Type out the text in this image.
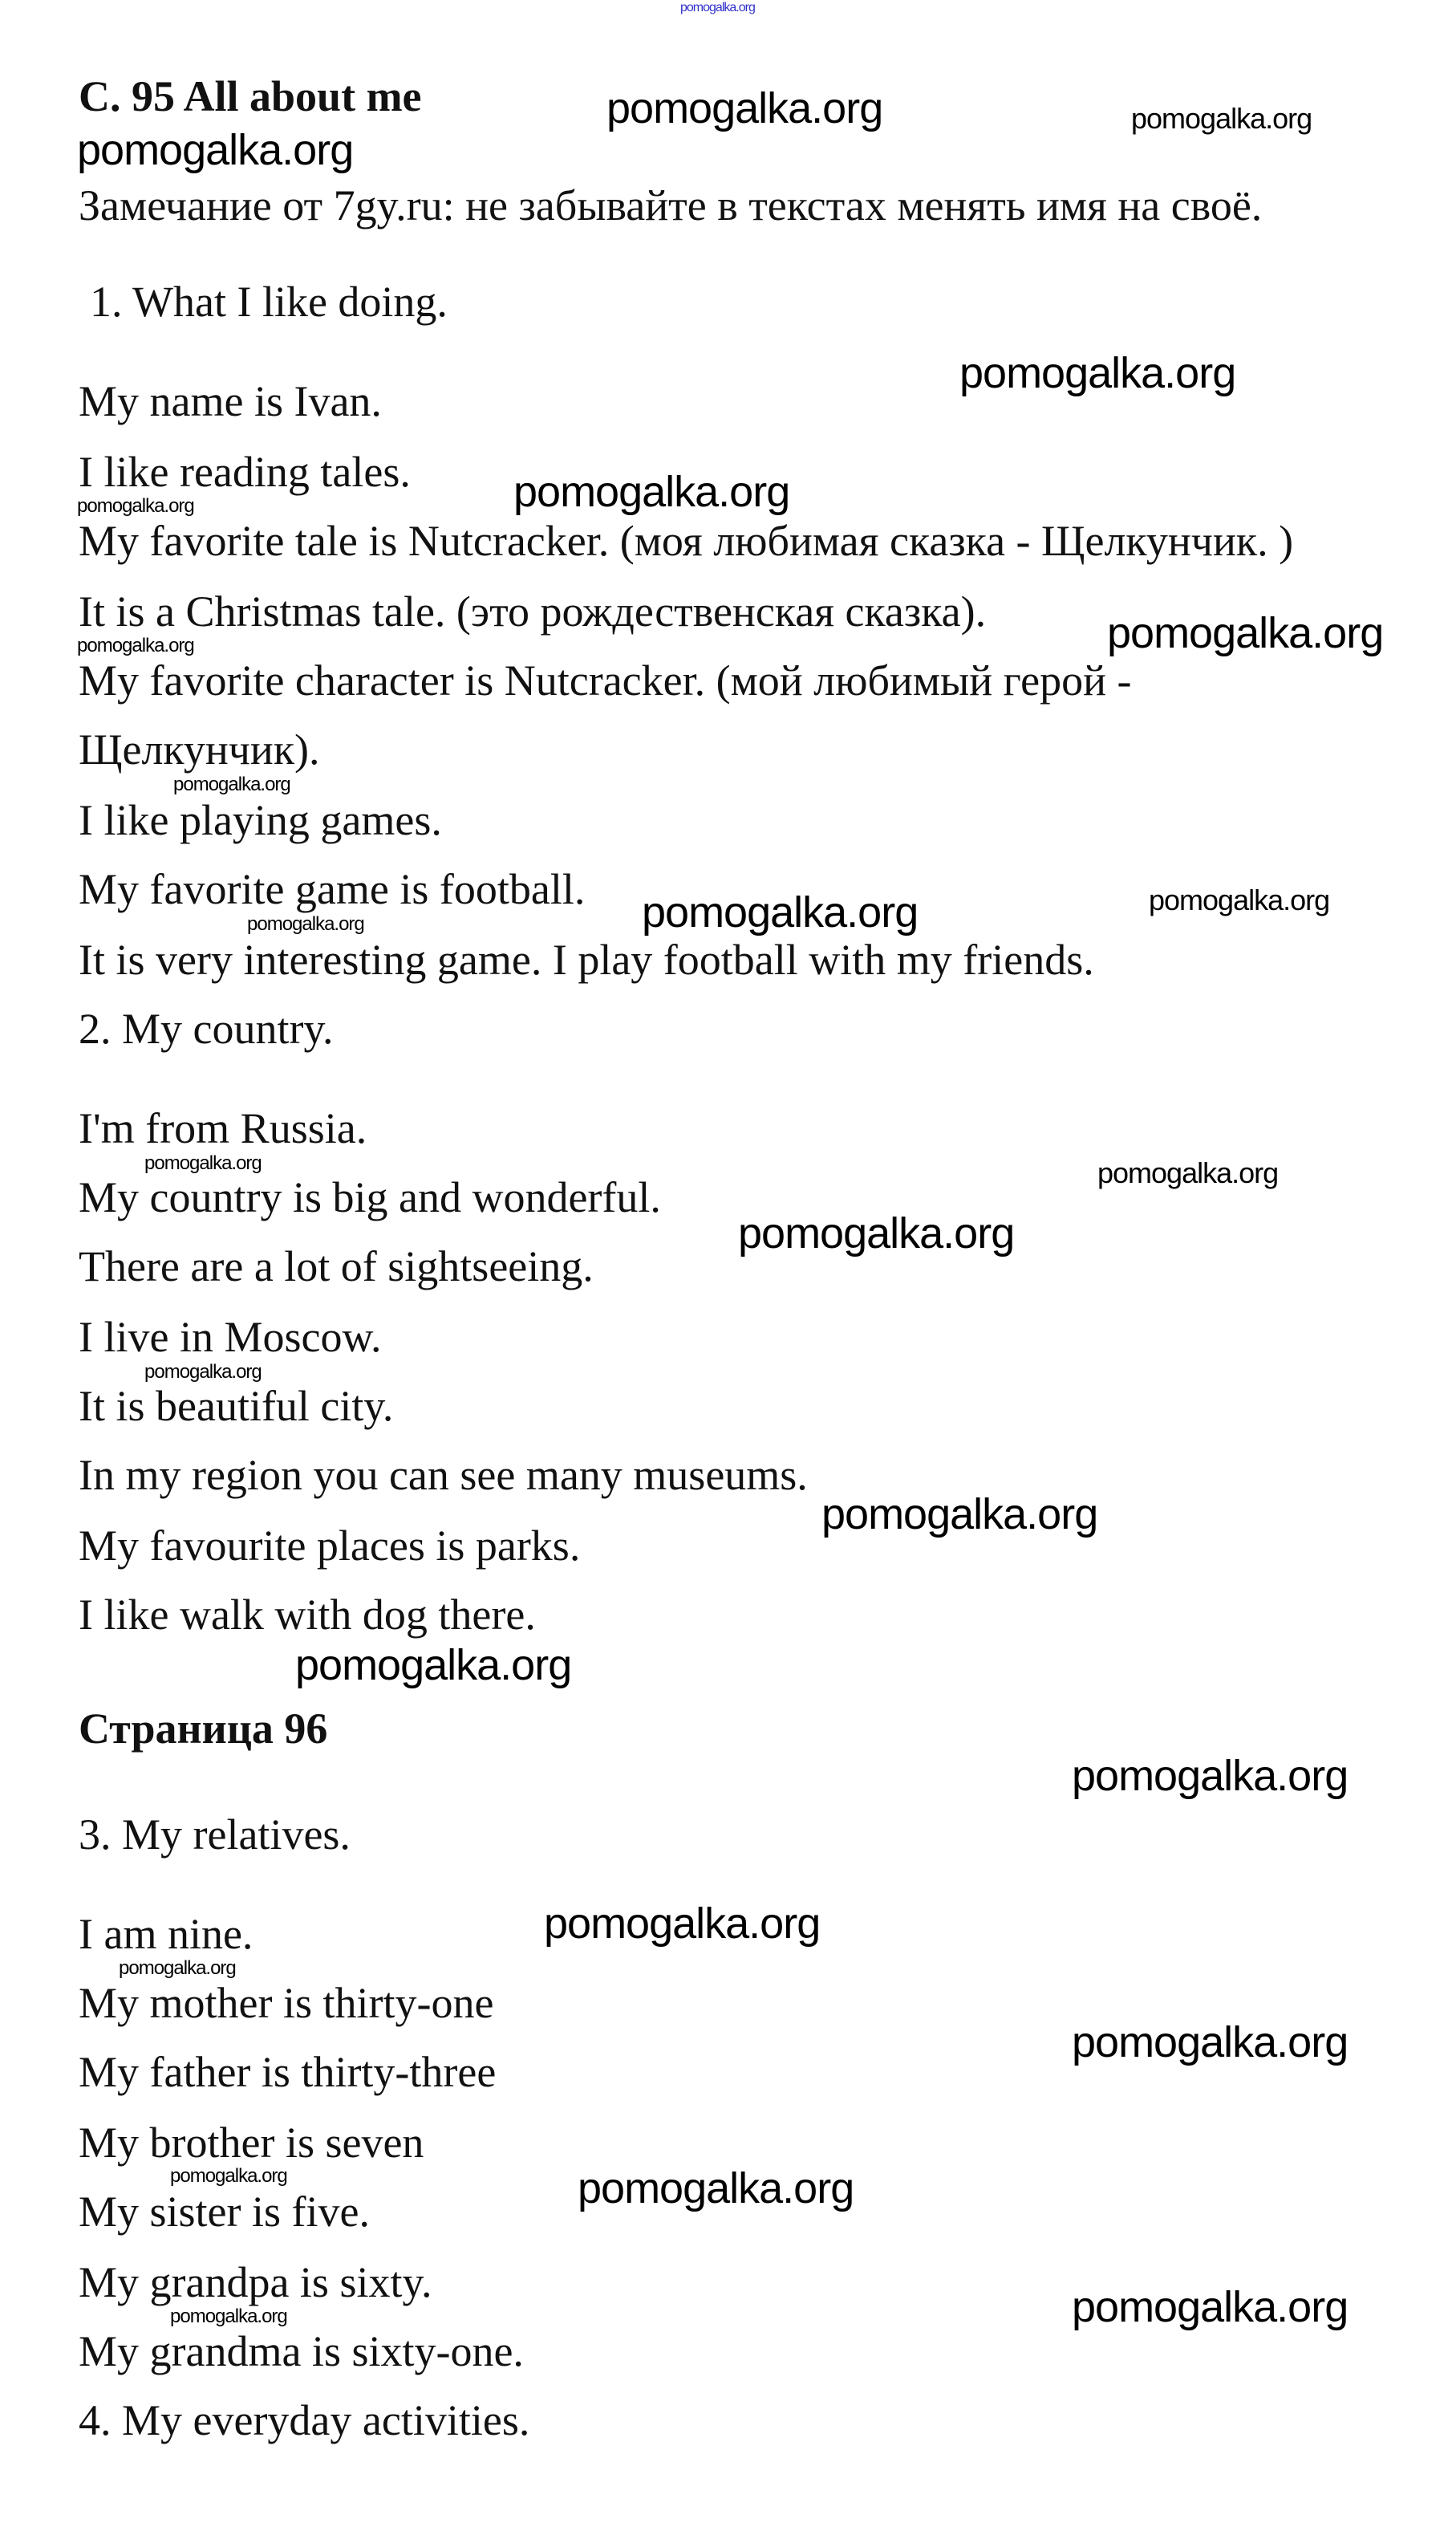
pomogalka.org
C. 95 All about me
Замечание от 7gy.ru: не забывайте в текстах менять имя на своё.
1. What I like doing.
My name is Ivan.
I like reading tales.
My favorite tale is Nutcracker. (моя любимая сказка - Щелкунчик. )
It is a Christmas tale. (это рождественская сказка).
My favorite character is Nutcracker. (мой любимый герой -
Щелкунчик).
I like playing games.
My favorite game is football.
It is very interesting game. I play football with my friends.
2. My country.
I'm from Russia.
My country is big and wonderful.
There are a lot of sightseeing.
I live in Moscow.
It is beautiful city.
In my region you can see many museums.
My favourite places is parks.
I like walk with dog there.
Страница 96
3. My relatives.
I am nine.
My mother is thirty-one
My father is thirty-three
My brother is seven
My sister is five.
My grandpa is sixty.
My grandma is sixty-one.
4. My everyday activities.
pomogalka.org	pomogalka.org
pomogalka.org
pomogalka.org
pomogalka.org
pomogalka.org
pomogalka.org
pomogalka.org
pomogalka.org
pomogalka.org
pomogalka.org
pomogalka.org
pomogalka.org	pomogalka.org
pomogalka.org
pomogalka.org
pomogalka.org
pomogalka.org
pomogalka.org
pomogalka.org
pomogalka.org
pomogalka.org
pomogalka.org	pomogalka.org
pomogalka.org	pomogalka.org
